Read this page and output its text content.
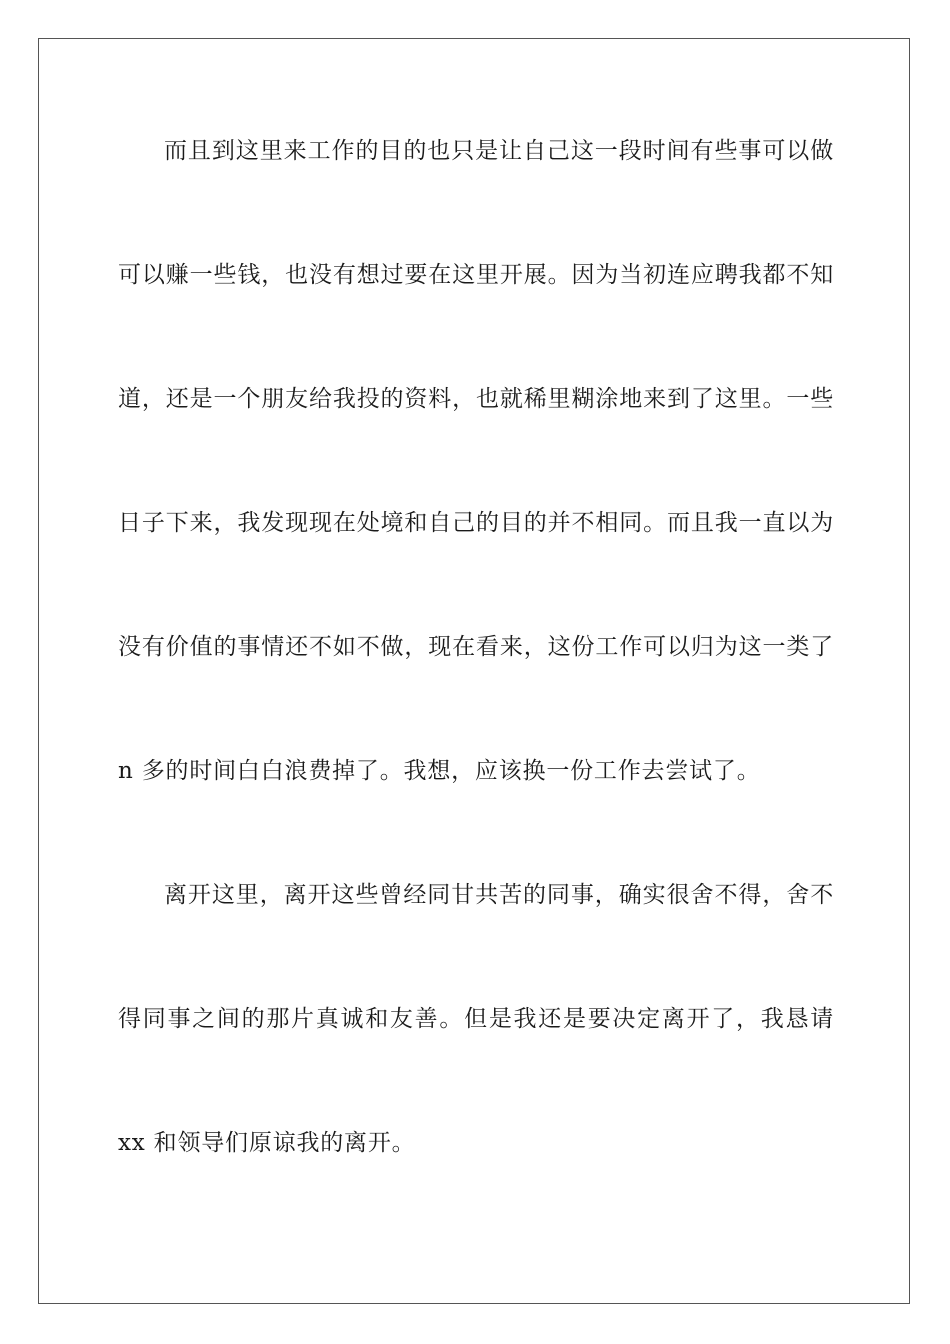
而且到这里来工作的目的也只是让自己这一段时间有些事可以做
可以赚一些钱，也没有想过要在这里开展。因为当初连应聘我都不知
道，还是一个朋友给我投的资料，也就稀里糊涂地来到了这里。一些
日子下来，我发现现在处境和自己的目的并不相同。而且我一直以为
没有价值的事情还不如不做，现在看来，这份工作可以归为这一类了
n 多的时间白白浪费掉了。我想，应该换一份工作去尝试了。
离开这里，离开这些曾经同甘共苦的同事，确实很舍不得，舍不
得同事之间的那片真诚和友善。但是我还是要决定离开了，我恳请
xx 和领导们原谅我的离开。
